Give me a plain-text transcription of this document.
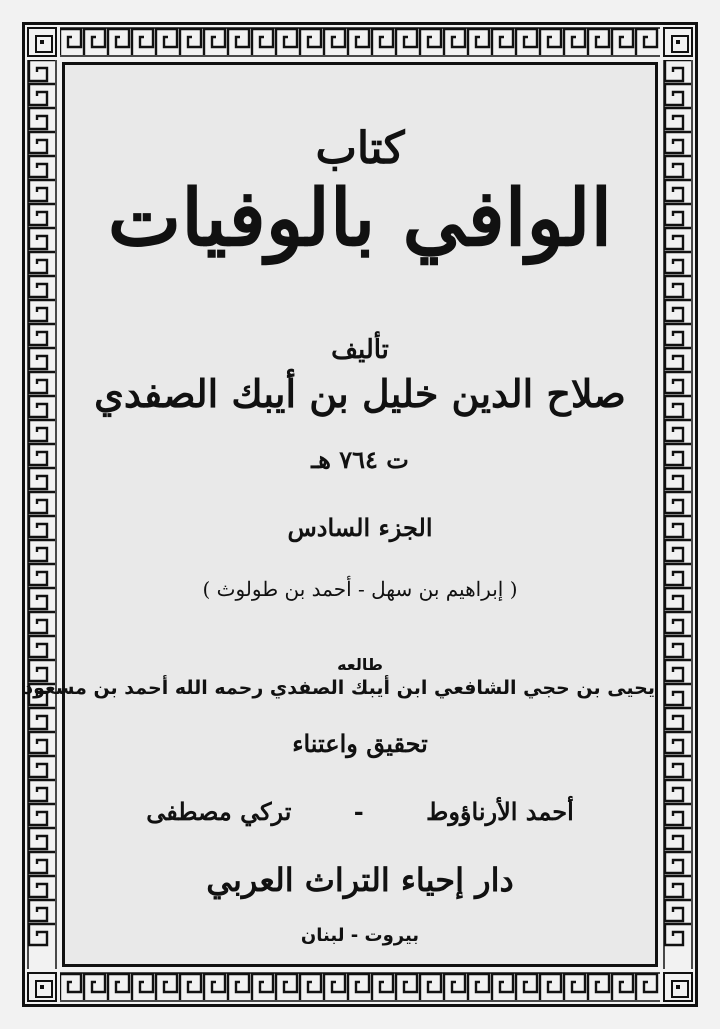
كتاب
الوافي بالوفيات
تأليف
صلاح الدين خليل بن أيبك الصفدي
ت ٧٦٤ هـ
الجزء السادس
( إبراهيم بن سهل - أحمد بن طولوث )
طالعه
يحيى بن حجي الشافعي ابن أيبك الصفدي رحمه الله أحمد بن مسعود
تحقيق واعتناء
أحمد الأرناؤوط - تركي مصطفى
دار إحياء التراث العربي
بيروت - لبنان
